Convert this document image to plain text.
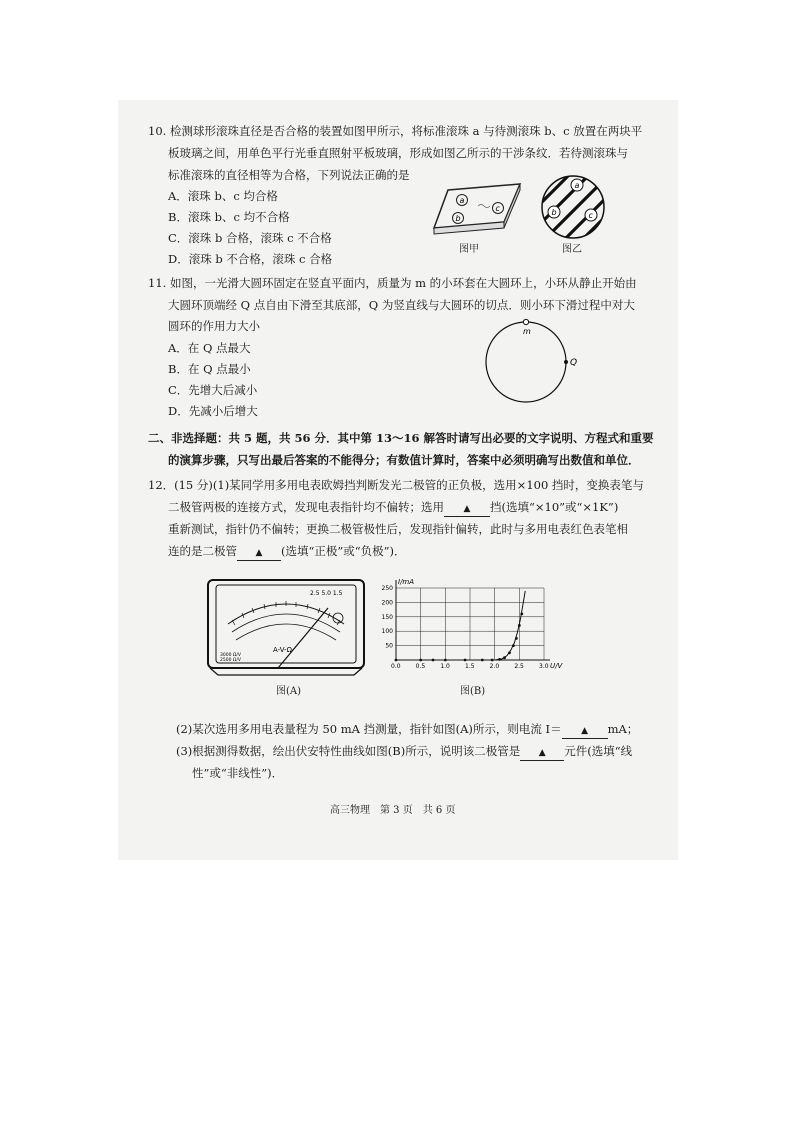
10. 检测球形滚珠直径是否合格的装置如图甲所示，将标准滚珠 a 与待测滚珠 b、c 放置在两块平
板玻璃之间，用单色平行光垂直照射平板玻璃，形成如图乙所示的干涉条纹．若待测滚珠与
标准滚珠的直径相等为合格，下列说法正确的是
A．滚珠 b、c 均合格
B．滚珠 b、c 均不合格
C．滚珠 b 合格，滚珠 c 不合格
D．滚珠 b 不合格，滚珠 c 合格
a
b
c
图甲
a
b	c
图乙
11. 如图，一光滑大圆环固定在竖直平面内，质量为 m 的小环套在大圆环上，小环从静止开始由
大圆环顶端经 Q 点自由下滑至其底部，Q 为竖直线与大圆环的切点．则小环下滑过程中对大
圆环的作用力大小
A．在 Q 点最大
B．在 Q 点最小
C．先增大后减小
D．先减小后增大
m
Q
二、非选择题：共 5 题，共 56 分．其中第 13～16 解答时请写出必要的文字说明、方程式和重要
的演算步骤，只写出最后答案的不能得分；有数值计算时，答案中必须明确写出数值和单位．
12．(15 分)(1)某同学用多用电表欧姆挡判断发光二极管的正负极，选用×100 挡时，变换表笔与
二极管两极的连接方式，发现电表指针均不偏转；选用 ▲ 挡(选填“×10”或“×1K”)
重新测试，指针仍不偏转；更换二极管极性后，发现指针偏转，此时与多用电表红色表笔相
连的是二极管 ▲ (选填“正极”或“负极”)．
2.5 5.0 1.5
A-V-Ω
3000 Ω/V 2500 Ω/V
图(A)
0.0	0.5	1.0	1.5	2.0	2.5	3.0
50
100
150
200
250
I/mA
U/V
图(B)
(2)某次选用多用电表量程为 50 mA 挡测量，指针如图(A)所示，则电流 I＝ ▲ mA；
(3)根据测得数据，绘出伏安特性曲线如图(B)所示，说明该二极管是 ▲ 元件(选填“线
性”或“非线性”)．
高三物理　第 3 页　共 6 页
